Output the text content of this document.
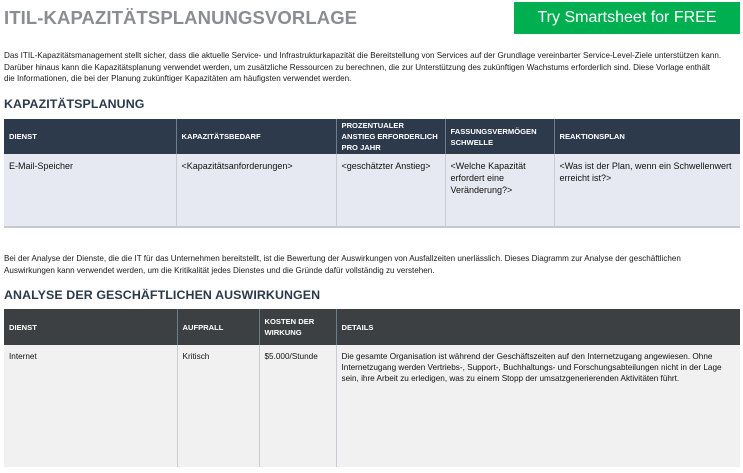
ITIL-KAPAZITÄTSPLANUNGSVORLAGE	Try Smartsheet for FREE

Das ITIL-Kapazitätsmanagement stellt sicher, dass die aktuelle Service- und Infrastrukturkapazität die Bereitstellung von Services auf der Grundlage vereinbarter Service-Level-Ziele unterstützen kann. Darüber hinaus kann die Kapazitätsplanung verwendet werden, um zusätzliche Ressourcen zu berechnen, die zur Unterstützung des zukünftigen Wachstums erforderlich sind. Diese Vorlage enthält die Informationen, die bei der Planung zukünftiger Kapazitäten am häufigsten verwendet werden.

KAPAZITÄTSPLANUNG
DIENST	KAPAZITÄTSBEDARF	PROZENTUALER ANSTIEG ERFORDERLICH PRO JAHR	FASSUNGSVERMÖGEN SCHWELLE	REAKTIONSPLAN
E-Mail-Speicher	<Kapazitätsanforderungen>	<geschätzter Anstieg>	<Welche Kapazität erfordert eine Veränderung?>	<Was ist der Plan, wenn ein Schwellenwert erreicht ist?>

Bei der Analyse der Dienste, die die IT für das Unternehmen bereitstellt, ist die Bewertung der Auswirkungen von Ausfallzeiten unerlässlich. Dieses Diagramm zur Analyse der geschäftlichen Auswirkungen kann verwendet werden, um die Kritikalität jedes Dienstes und die Gründe dafür vollständig zu verstehen.

ANALYSE DER GESCHÄFTLICHEN AUSWIRKUNGEN
DIENST	AUFPRALL	KOSTEN DER WIRKUNG	DETAILS
Internet	Kritisch	$5.000/Stunde	Die gesamte Organisation ist während der Geschäftszeiten auf den Internetzugang angewiesen. Ohne Internetzugang werden Vertriebs-, Support-, Buchhaltungs- und Forschungsabteilungen nicht in der Lage sein, ihre Arbeit zu erledigen, was zu einem Stopp der umsatzgenerierenden Aktivitäten führt.
